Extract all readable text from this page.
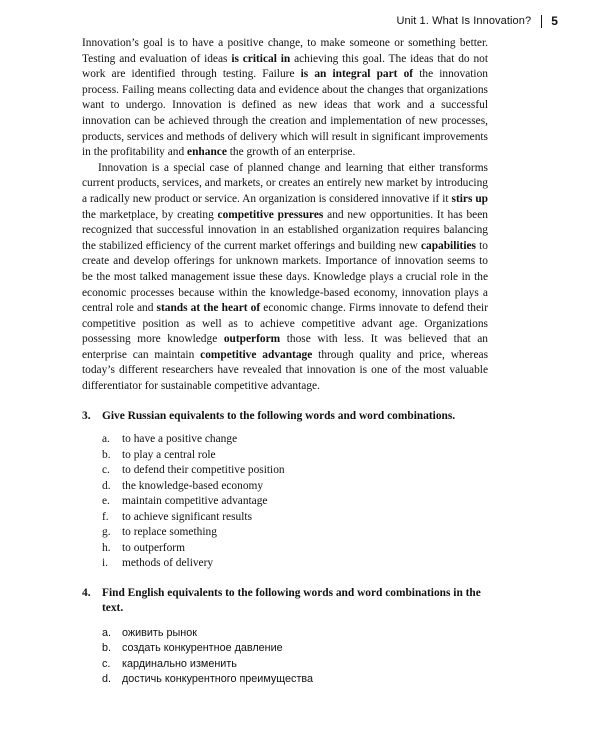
Unit 1. What Is Innovation? 5

Innovation’s goal is to have a positive change, to make someone or something better. Testing and evaluation of ideas is critical in achieving this goal. The ideas that do not work are identified through testing. Failure is an integral part of the innovation process. Failing means collecting data and evidence about the changes that organizations want to undergo. Innovation is defined as new ideas that work and a successful innovation can be achieved through the creation and implementation of new processes, products, services and methods of delivery which will result in significant improvements in the profitability and enhance the growth of an enterprise.

Innovation is a special case of planned change and learning that either transforms current products, services, and markets, or creates an entirely new market by introducing a radically new product or service. An organization is considered innovative if it stirs up the marketplace, by creating competitive pressures and new opportunities. It has been recognized that successful innovation in an established organization requires balancing the stabilized efficiency of the current market offerings and building new capabilities to create and develop offerings for unknown markets. Importance of innovation seems to be the most talked management issue these days. Knowledge plays a crucial role in the economic processes because within the knowledge-based economy, innovation plays a central role and stands at the heart of economic change. Firms innovate to defend their competitive position as well as to achieve competitive advant age. Organizations possessing more knowledge outperform those with less. It was believed that an enterprise can maintain competitive advantage through quality and price, whereas today’s different researchers have revealed that innovation is one of the most valuable differentiator for sustainable competitive advantage.

3.	Give Russian equivalents to the following words and word combinations.
a.	to have a positive change
b.	to play a central role
c.	to defend their competitive position
d.	the knowledge-based economy
e.	maintain competitive advantage
f.	to achieve significant results
g.	to replace something
h.	to outperform
i.	methods of delivery
4.	Find English equivalents to the following words and word combinations in the text.
a.	оживить рынок
b.	создать конкурентное давление
c.	кардинально изменить
d.	достичь конкурентного преимущества
